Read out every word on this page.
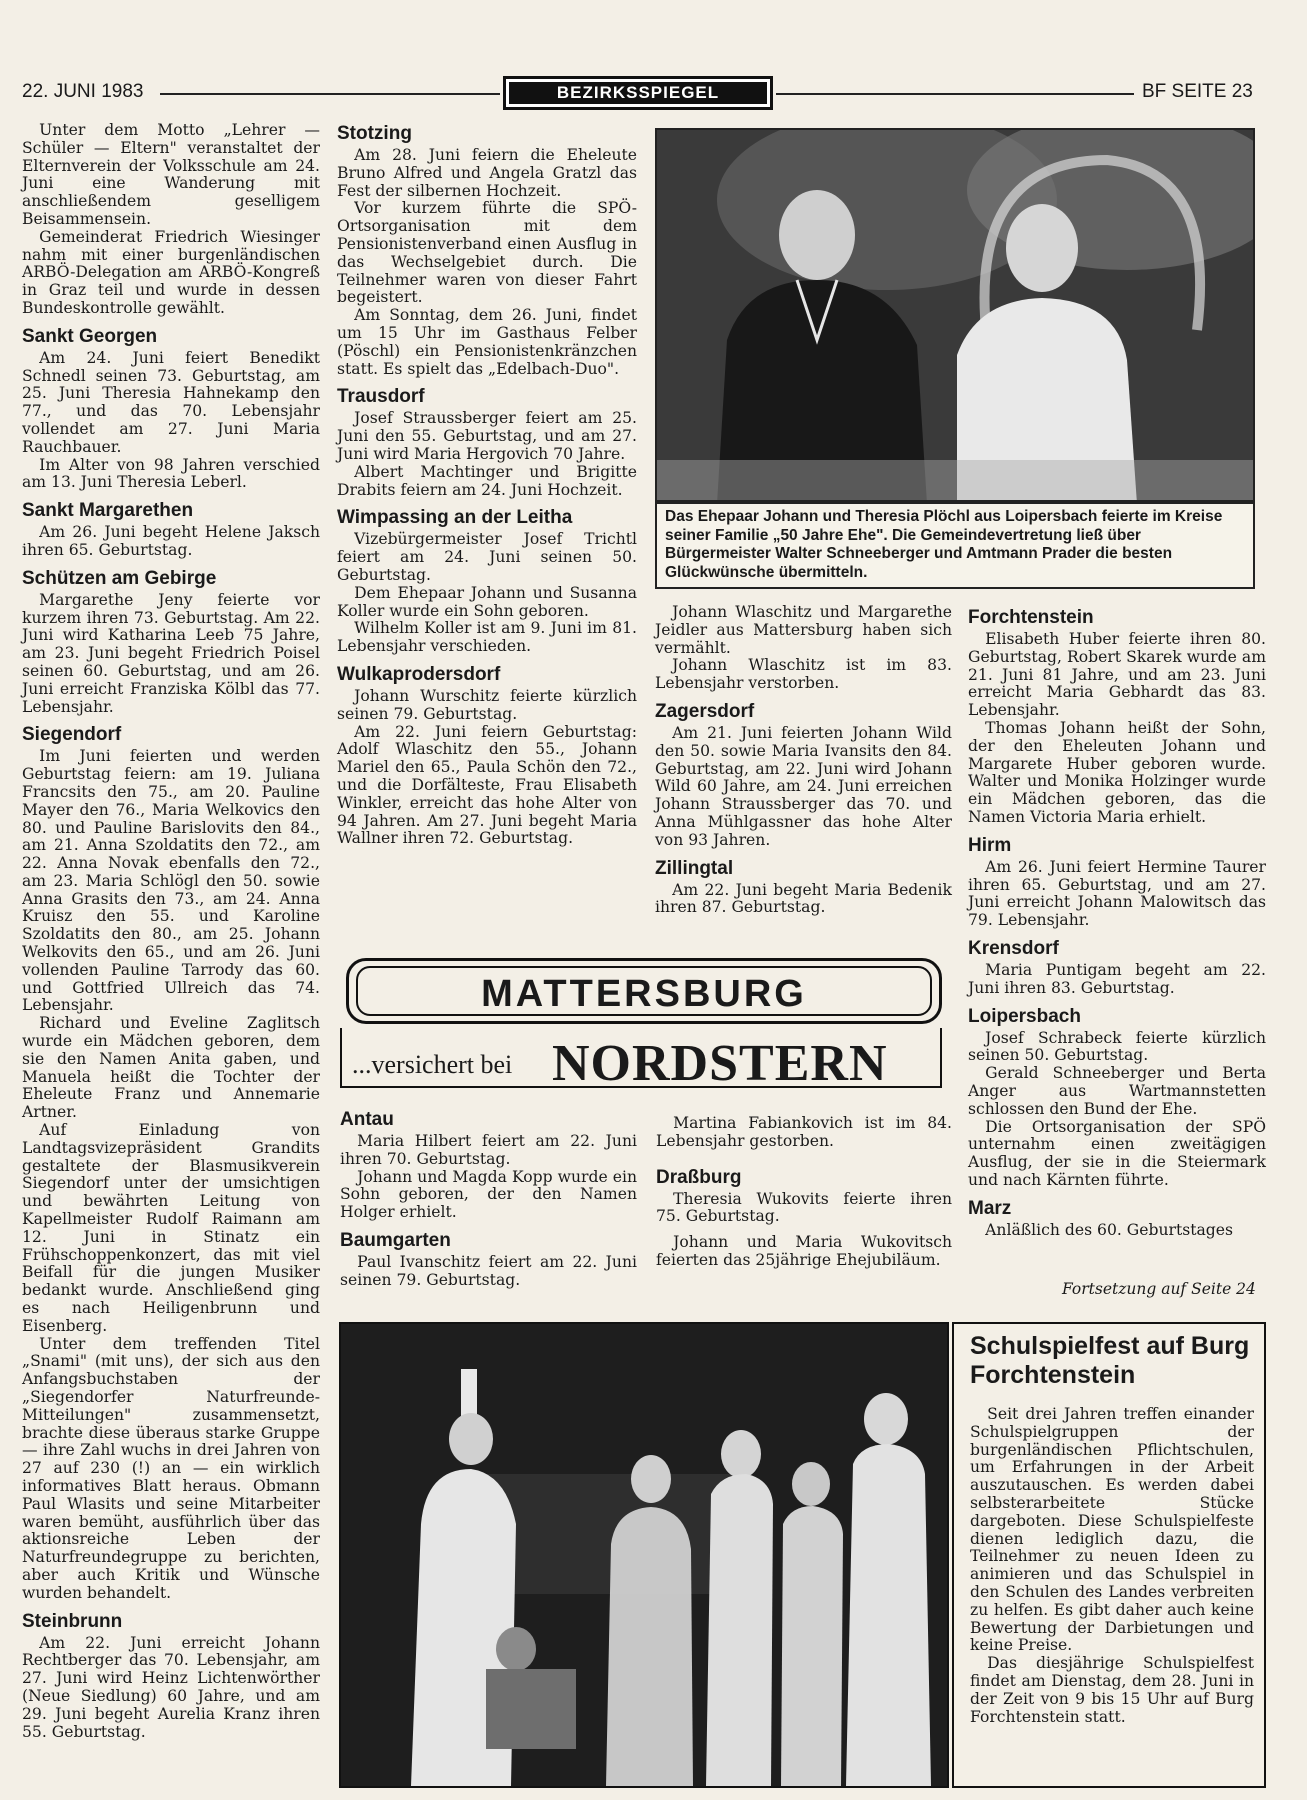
22. JUNI 1983	BEZIRKSSPIEGEL	BF SEITE 23

Unter dem Motto „Lehrer — Schüler — Eltern" veranstaltet der Elternverein der Volksschule am 24. Juni eine Wanderung mit anschließendem geselligem Beisammensein.

Gemeinderat Friedrich Wiesinger nahm mit einer burgenländischen ARBÖ-Delegation am ARBÖ-Kongreß in Graz teil und wurde in dessen Bundeskontrolle gewählt.

Sankt Georgen

Am 24. Juni feiert Benedikt Schnedl seinen 73. Geburtstag, am 25. Juni Theresia Hahnekamp den 77., und das 70. Lebensjahr vollendet am 27. Juni Maria Rauchbauer.

Im Alter von 98 Jahren verschied am 13. Juni Theresia Leberl.

Sankt Margarethen

Am 26. Juni begeht Helene Jaksch ihren 65. Geburtstag.

Schützen am Gebirge

Margarethe Jeny feierte vor kurzem ihren 73. Geburtstag. Am 22. Juni wird Katharina Leeb 75 Jahre, am 23. Juni begeht Friedrich Poisel seinen 60. Geburtstag, und am 26. Juni erreicht Franziska Kölbl das 77. Lebensjahr.

Siegendorf

Im Juni feierten und werden Geburtstag feiern: am 19. Juliana Francsits den 75., am 20. Pauline Mayer den 76., Maria Welkovics den 80. und Pauline Barislovits den 84., am 21. Anna Szoldatits den 72., am 22. Anna Novak ebenfalls den 72., am 23. Maria Schlögl den 50. sowie Anna Grasits den 73., am 24. Anna Kruisz den 55. und Karoline Szoldatits den 80., am 25. Johann Welkovits den 65., und am 26. Juni vollenden Pauline Tarrody das 60. und Gottfried Ullreich das 74. Lebensjahr.

Richard und Eveline Zaglitsch wurde ein Mädchen geboren, dem sie den Namen Anita gaben, und Manuela heißt die Tochter der Eheleute Franz und Annemarie Artner.

Auf Einladung von Landtagsvizepräsident Grandits gestaltete der Blasmusikverein Siegendorf unter der umsichtigen und bewährten Leitung von Kapellmeister Rudolf Raimann am 12. Juni in Stinatz ein Frühschoppenkonzert, das mit viel Beifall für die jungen Musiker bedankt wurde. Anschließend ging es nach Heiligenbrunn und Eisenberg.

Unter dem treffenden Titel „Snami" (mit uns), der sich aus den Anfangsbuchstaben der „Siegendorfer Naturfreunde-Mitteilungen" zusammensetzt, brachte diese überaus starke Gruppe — ihre Zahl wuchs in drei Jahren von 27 auf 230 (!) an — ein wirklich informatives Blatt heraus. Obmann Paul Wlasits und seine Mitarbeiter waren bemüht, ausführlich über das aktionsreiche Leben der Naturfreundegruppe zu berichten, aber auch Kritik und Wünsche wurden behandelt.

Steinbrunn

Am 22. Juni erreicht Johann Rechtberger das 70. Lebensjahr, am 27. Juni wird Heinz Lichtenwörther (Neue Siedlung) 60 Jahre, und am 29. Juni begeht Aurelia Kranz ihren 55. Geburtstag.

Stotzing

Am 28. Juni feiern die Eheleute Bruno Alfred und Angela Gratzl das Fest der silbernen Hochzeit.

Vor kurzem führte die SPÖ-Ortsorganisation mit dem Pensionistenverband einen Ausflug in das Wechselgebiet durch. Die Teilnehmer waren von dieser Fahrt begeistert.

Am Sonntag, dem 26. Juni, findet um 15 Uhr im Gasthaus Felber (Pöschl) ein Pensionistenkränzchen statt. Es spielt das „Edelbach-Duo".

Trausdorf

Josef Straussberger feiert am 25. Juni den 55. Geburtstag, und am 27. Juni wird Maria Hergovich 70 Jahre.

Albert Machtinger und Brigitte Drabits feiern am 24. Juni Hochzeit.

Wimpassing an der Leitha

Vizebürgermeister Josef Trichtl feiert am 24. Juni seinen 50. Geburtstag.

Dem Ehepaar Johann und Susanna Koller wurde ein Sohn geboren.

Wilhelm Koller ist am 9. Juni im 81. Lebensjahr verschieden.

Wulkaprodersdorf

Johann Wurschitz feierte kürzlich seinen 79. Geburtstag.

Am 22. Juni feiern Geburtstag: Adolf Wlaschitz den 55., Johann Mariel den 65., Paula Schön den 72., und die Dorfälteste, Frau Elisabeth Winkler, erreicht das hohe Alter von 94 Jahren. Am 27. Juni begeht Maria Wallner ihren 72. Geburtstag.

Das Ehepaar Johann und Theresia Plöchl aus Loipersbach feierte im Kreise seiner Familie „50 Jahre Ehe". Die Gemeindevertretung ließ über Bürgermeister Walter Schneeberger und Amtmann Prader die besten Glückwünsche übermitteln.

Johann Wlaschitz und Margarethe Jeidler aus Mattersburg haben sich vermählt.

Johann Wlaschitz ist im 83. Lebensjahr verstorben.

Zagersdorf

Am 21. Juni feierten Johann Wild den 50. sowie Maria Ivansits den 84. Geburtstag, am 22. Juni wird Johann Wild 60 Jahre, am 24. Juni erreichen Johann Straussberger das 70. und Anna Mühlgassner das hohe Alter von 93 Jahren.

Zillingtal

Am 22. Juni begeht Maria Bedenik ihren 87. Geburtstag.

Forchtenstein

Elisabeth Huber feierte ihren 80. Geburtstag, Robert Skarek wurde am 21. Juni 81 Jahre, und am 23. Juni erreicht Maria Gebhardt das 83. Lebensjahr.

Thomas Johann heißt der Sohn, der den Eheleuten Johann und Margarete Huber geboren wurde. Walter und Monika Holzinger wurde ein Mädchen geboren, das die Namen Victoria Maria erhielt.

Hirm

Am 26. Juni feiert Hermine Taurer ihren 65. Geburtstag, und am 27. Juni erreicht Johann Malowitsch das 79. Lebensjahr.

Krensdorf

Maria Puntigam begeht am 22. Juni ihren 83. Geburtstag.

Loipersbach

Josef Schrabeck feierte kürzlich seinen 50. Geburtstag.

Gerald Schneeberger und Berta Anger aus Wartmannstetten schlossen den Bund der Ehe.

Die Ortsorganisation der SPÖ unternahm einen zweitägigen Ausflug, der sie in die Steiermark und nach Kärnten führte.

Marz

Anläßlich des 60. Geburtstages

Fortsetzung auf Seite 24
MATTERSBURG
...versichert bei NORDSTERN
Antau

Maria Hilbert feiert am 22. Juni ihren 70. Geburtstag.

Johann und Magda Kopp wurde ein Sohn geboren, der den Namen Holger erhielt.

Baumgarten

Paul Ivanschitz feiert am 22. Juni seinen 79. Geburtstag.

Martina Fabiankovich ist im 84. Lebensjahr gestorben.

Draßburg

Theresia Wukovits feierte ihren 75. Geburtstag.

Johann und Maria Wukovitsch feierten das 25jährige Ehejubiläum.

Schulspielfest auf Burg Forchtenstein

Seit drei Jahren treffen einander Schulspielgruppen der burgenländischen Pflichtschulen, um Erfahrungen in der Arbeit auszutauschen. Es werden dabei selbsterarbeitete Stücke dargeboten. Diese Schulspielfeste dienen lediglich dazu, die Teilnehmer zu neuen Ideen zu animieren und das Schulspiel in den Schulen des Landes verbreiten zu helfen. Es gibt daher auch keine Bewertung der Darbietungen und keine Preise.

Das diesjährige Schulspielfest findet am Dienstag, dem 28. Juni in der Zeit von 9 bis 15 Uhr auf Burg Forchtenstein statt.
